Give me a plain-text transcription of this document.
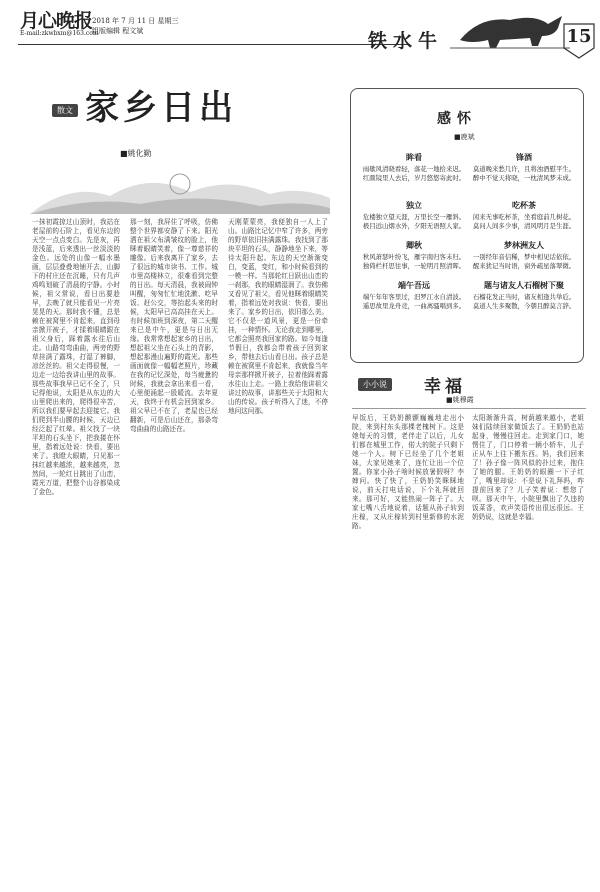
月心晚报 2018 年 7 月 11 日 星期三
组版编辑 程文斌
E-mail:zkwbxm@163.com	铁水牛	15
散文 家乡日出
■姚化勤
一抹初霞掠过山顶时，我站在老屋前的石阶上，看见东边的天空一点点变白。先是灰，再是浅蓝，后来透出一丝淡淡的金色。远处的山像一幅水墨画，层层叠叠地铺开去，山脚下的村庄还在沉睡，只有几声鸡鸣划破了清晨的宁静。小时候，祖父常说，看日出要趁早，去晚了就只能看见一片亮晃晃的天。那时我不懂，总是赖在被窝里不肯起来，直到母亲掀开被子，才揉着眼睛跟在祖父身后，踩着露水往后山走。山路弯弯曲曲，两旁的野草挂满了露珠，打湿了裤脚，凉丝丝的。祖父走得很慢，一边走一边给我讲山里的故事。那些故事我早已记不全了，只记得他说，太阳是从东边的大山里爬出来的，爬得很辛苦，所以我们要早起去迎接它。我们爬到半山腰的时候，天边已经泛起了红晕。祖父找了一块平坦的石头坐下，把我搂在怀里，指着远处说：快看，要出来了。我瞪大眼睛，只见那一抹红越来越浓，越来越亮，忽然间，一轮红日跳出了山峦，霞光万道，把整个山谷都染成了金色。
那一刻，我屏住了呼吸，仿佛整个世界都安静了下来。阳光洒在祖父布满皱纹的脸上，他眯着眼睛笑着，像一尊慈祥的雕像。后来我离开了家乡，去了很远的城市读书、工作。城市里高楼林立，很难看到完整的日出。每天清晨，我被闹钟叫醒，匆匆忙忙地洗漱、吃早饭、赶公交，等抬起头来的时候，太阳早已高高挂在天上。有时候加班到深夜，第二天醒来已是中午，更是与日出无缘。我常常想起家乡的日出，想起祖父坐在石头上的背影，想起那漫山遍野的霞光。那些画面就像一幅幅老照片，珍藏在我的记忆深处，每当疲惫的时候，我就会拿出来看一看，心里便涌起一股暖流。去年夏天，我终于有机会回到家乡。祖父早已不在了，老屋也已经翻新，可是后山还在，那条弯弯曲曲的山路还在。
天刚蒙蒙亮，我便独自一人上了山。山路比记忆中窄了许多，两旁的野草依旧挂满露珠。我找到了那块平坦的石头，静静地坐下来，等待太阳升起。东边的天空渐渐变白，变蓝，变红，和小时候看到的一模一样。当那轮红日跃出山峦的一刹那，我的眼睛湿润了。我仿佛又看见了祖父，看见他眯着眼睛笑着，指着远处对我说：快看，要出来了。家乡的日出，依旧那么美。它不仅是一道风景，更是一份牵挂，一种情怀。无论我走到哪里，它都会照亮我回家的路。如今每逢节假日，我都会带着孩子回到家乡，带他去后山看日出。孩子总是赖在被窝里不肯起来，我就像当年母亲那样掀开被子，拉着他踩着露水往山上走。一路上我给他讲祖父讲过的故事，讲那些关于太阳和大山的传说。孩子听得入了迷，不停地问这问那。
感怀
■鹿斌
眸看
雨歇风清晓看轻，落花一地拾来迟。
红颜镜里人去后，岁月悠悠寄此时。
锋酒
莫道晚来愁几许，且将浊酒慰平生。
醉中不觉天将晓，一枕清风梦未成。
独立
危楼独立望天涯，万里长空一雁斜。
极目远山烟水外，夕阳无语照人家。
吃杯茶
闲来无事吃杯茶，坐看庭前几树花。
莫问人间多少事，清风明月是生涯。
卿秋
秋风萧瑟叶纷飞，雁字南归客未归。
独倚栏杆思往事，一轮明月照清晖。
梦林洲友人
一别经年音信稀，梦中相见话依依。
醒来犹记当时语，窗外疏星落翠微。
端午吾远
端午年年客里过，汨罗江水自清波。
遥思故里龙舟竞，一曲离骚唱到多。
题与诸友人石榴树下聚
石榴花发正当时，诸友相逢共举卮。
莫道人生多聚散，今朝且醉莫言辞。
小小说 幸福
■姚穆霞
早饭后，王奶奶颤颤巍巍地走出小院，来到村东头那棵老槐树下。这是她每天的习惯，老伴走了以后，儿女们都在城里工作，偌大的院子只剩下她一个人。树下已经坐了几个老姐妹，大家见她来了，连忙让出一个位置。你家小孙子啥时候放暑假呀？李婶问。快了快了，王奶奶笑眯眯地说，前天打电话说，下个礼拜就回来。那可好，又能热闹一阵子了。大家七嘴八舌地说着，话题从孙子转到庄稼，又从庄稼转到村里新修的水泥路。
太阳渐渐升高，树荫越来越小，老姐妹们陆续回家做饭去了。王奶奶也站起身，慢慢往回走。走到家门口，她愣住了，门口停着一辆小轿车，儿子正从车上往下搬东西。妈，我们回来了！孙子像一阵风似的扑过来，抱住了她的腿。王奶奶的眼圈一下子红了，嘴里却说：不是说下礼拜吗，咋提前回来了？儿子笑着说：想您了呗。那天中午，小院里飘出了久违的饭菜香，欢声笑语传出很远很远。王奶奶说，这就是幸福。
